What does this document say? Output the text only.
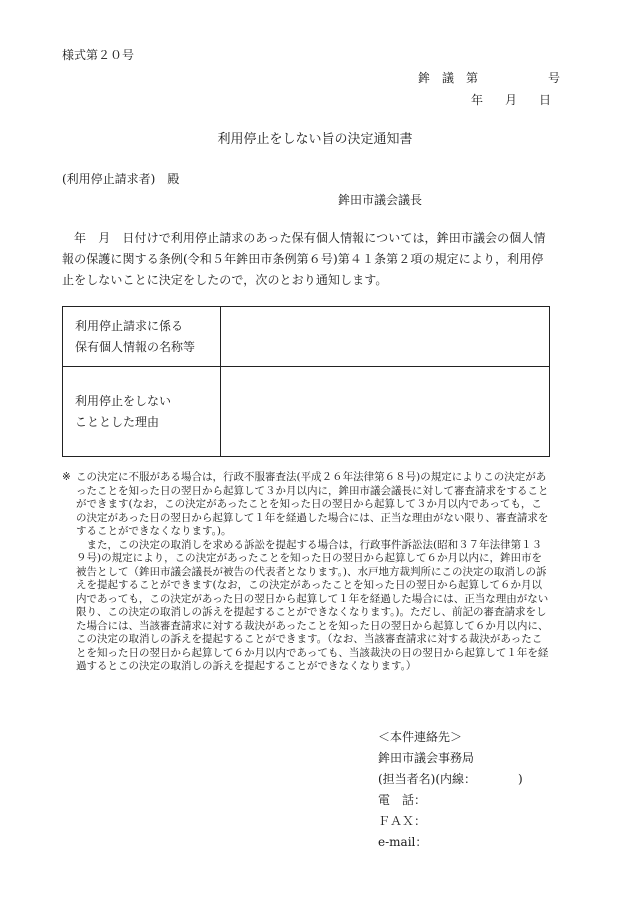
様式第２０号
鉾　議　第	号
年 月 日
利用停止をしない旨の決定通知書
(利用停止請求者)　殿
鉾田市議会議長
年　月　日付けで利用停止請求のあった保有個人情報については，鉾田市議会の個人情報の保護に関する条例(令和５年鉾田市条例第６号)第４１条第２項の規定により，利用停止をしないことに決定をしたので，次のとおり通知します。
利用停止請求に係る
保有個人情報の名称等	

利用停止をしない
こととした理由	

※ この決定に不服がある場合は，行政不服審査法(平成２６年法律第６８号)の規定によりこの決定があったことを知った日の翌日から起算して３か月以内に，鉾田市議会議長に対して審査請求をすることができます(なお，この決定があったことを知った日の翌日から起算して３か月以内であっても，この決定があった日の翌日から起算して１年を経過した場合には、正当な理由がない限り、審査請求をすることができなくなります。)。

また，この決定の取消しを求める訴訟を提起する場合は，行政事件訴訟法(昭和３７年法律第１３９号)の規定により，この決定があったことを知った日の翌日から起算して６か月以内に，鉾田市を被告として（鉾田市議会議長が被告の代表者となります。)、水戸地方裁判所にこの決定の取消しの訴えを提起することができます(なお，この決定があったことを知った日の翌日から起算して６か月以内であっても，この決定があった日の翌日から起算して１年を経過した場合には、正当な理由がない限り、この決定の取消しの訴えを提起することができなくなります。)。ただし、前記の審査請求をした場合には、当該審査請求に対する裁決があったことを知った日の翌日から起算して６か月以内に、この決定の取消しの訴えを提起することができます。（なお、当該審査請求に対する裁決があったことを知った日の翌日から起算して６か月以内であっても、当該裁決の日の翌日から起算して１年を経過するとこの決定の取消しの訴えを提起することができなくなります。）

＜本件連絡先＞
鉾田市議会事務局
(担当者名)(内線：　　　　)
電　話：
ＦＡＸ：
e-mail：
